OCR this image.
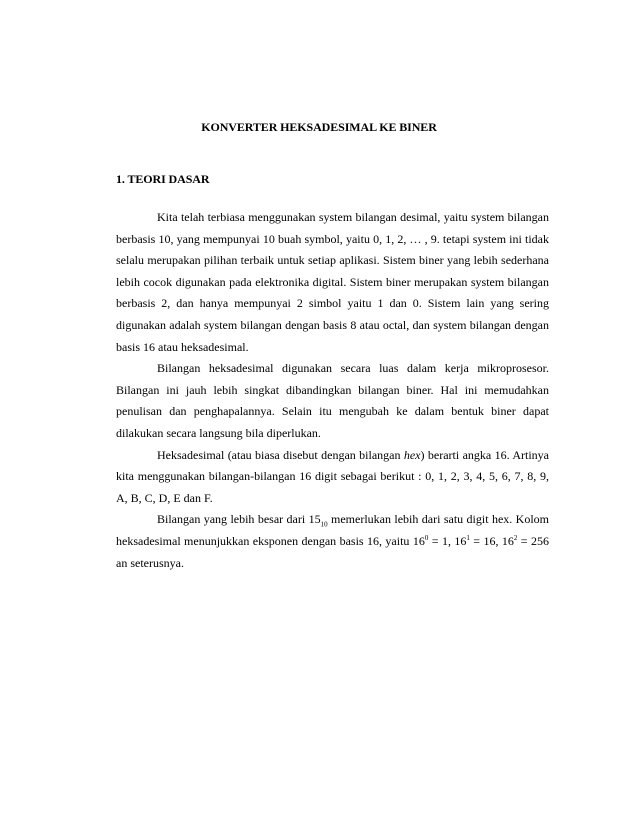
KONVERTER HEKSADESIMAL KE BINER
1. TEORI DASAR

Kita telah terbiasa menggunakan system bilangan desimal, yaitu system bilangan berbasis 10, yang mempunyai 10 buah symbol, yaitu 0, 1, 2, … , 9. tetapi system ini tidak selalu merupakan pilihan terbaik untuk setiap aplikasi. Sistem biner yang lebih sederhana lebih cocok digunakan pada elektronika digital. Sistem biner merupakan system bilangan berbasis 2, dan hanya mempunyai 2 simbol yaitu 1 dan 0. Sistem lain yang sering digunakan adalah system bilangan dengan basis 8 atau octal, dan system bilangan dengan basis 16 atau heksadesimal.

Bilangan heksadesimal digunakan secara luas dalam kerja mikroprosesor. Bilangan ini jauh lebih singkat dibandingkan bilangan biner. Hal ini memudahkan penulisan dan penghapalannya. Selain itu mengubah ke dalam bentuk biner dapat dilakukan secara langsung bila diperlukan.

Heksadesimal (atau biasa disebut dengan bilangan hex) berarti angka 16. Artinya kita menggunakan bilangan-bilangan 16 digit sebagai berikut : 0, 1, 2, 3, 4, 5, 6, 7, 8, 9, A, B, C, D, E dan F.

Bilangan yang lebih besar dari $15_{10}$ memerlukan lebih dari satu digit hex. Kolom heksadesimal menunjukkan eksponen dengan basis 16, yaitu $16^0 = 1$, $16^1 = 16$, $16^2 = 256$ an seterusnya.
